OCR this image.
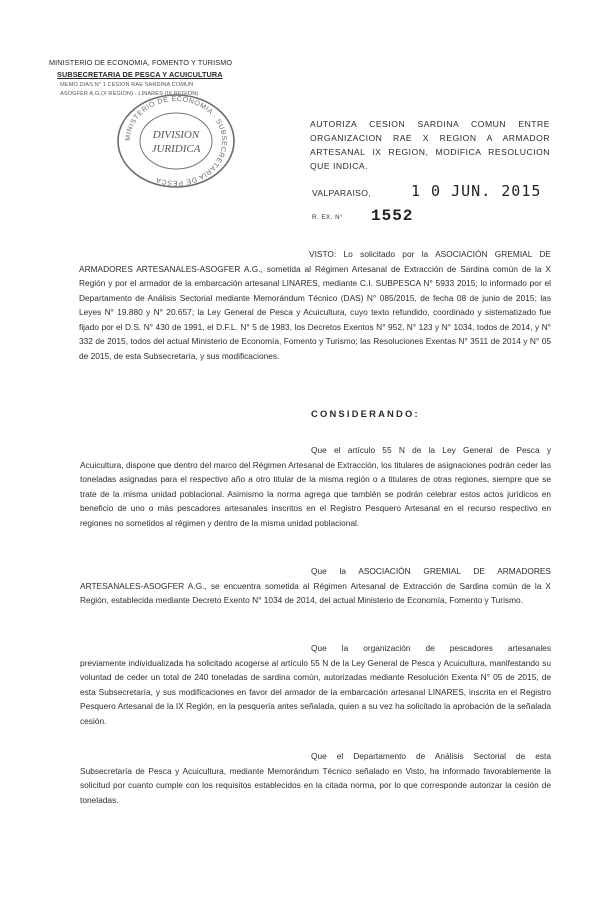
MINISTERIO DE ECONOMIA, FOMENTO Y TURISMO
SUBSECRETARIA DE PESCA Y ACUICULTURA
MEMO.DIAS N° 1 CESION RAE SARDINA COMUN
ASOGFER A.G.(X REGION) - LINARES (IX REGION)
MINISTERIO DE ECONOMIA · SUBSECRETARIA DE PESCA
DIVISION
JURIDICA
AUTORIZA CESION SARDINA COMUN ENTRE ORGANIZACION RAE X REGION A ARMADOR ARTESANAL IX REGION, MODIFICA RESOLUCION QUE INDICA.
VALPARAISO,	1 0 JUN. 2015
R. EX. N° 1552
VISTO: Lo solicitado por la ASOCIACIÓN GREMIAL DE ARMADORES ARTESANALES-ASOGFER A.G., sometida al Régimen Artesanal de Extracción de Sardina común de la X Región y por el armador de la embarcación artesanal LINARES, mediante C.I. SUBPESCA N° 5933 2015; lo informado por el Departamento de Análisis Sectorial mediante Memorándum Técnico (DAS) N° 085/2015, de fecha 08 de junio de 2015; las Leyes N° 19.880 y N° 20.657; la Ley General de Pesca y Acuicultura, cuyo texto refundido, coordinado y sistematizado fue fijado por el D.S. N° 430 de 1991, el D.F.L. N° 5 de 1983, los Decretos Exentos N° 952, N° 123 y N° 1034, todos de 2014, y N° 332 de 2015, todos del actual Ministerio de Economía, Fomento y Turismo; las Resoluciones Exentas N° 3511 de 2014 y N° 05 de 2015, de esta Subsecretaría, y sus modificaciones.
CONSIDERANDO:
Que el artículo 55 N de la Ley General de Pesca y
Acuicultura, dispone que dentro del marco del Régimen Artesanal de Extracción, los titulares de asignaciones podrán ceder las toneladas asignadas para el respectivo año a otro titular de la misma región o a titulares de otras regiones, siempre que se trate de la misma unidad poblacional. Asimismo la norma agrega que también se podrán celebrar estos actos jurídicos en beneficio de uno o más pescadores artesanales inscritos en el Registro Pesquero Artesanal en el recurso respectivo en regiones no sometidos al régimen y dentro de la misma unidad poblacional.
Que la ASOCIACIÓN GREMIAL DE ARMADORES
ARTESANALES-ASOGFER A.G., se encuentra sometida al Régimen Artesanal de Extracción de Sardina común de la X Región, establecida mediante Decreto Exento N° 1034 de 2014, del actual Ministerio de Economía, Fomento y Turismo.
Que la organización de pescadores artesanales
previamente individualizada ha solicitado acogerse al artículo 55 N de la Ley General de Pesca y Acuicultura, manifestando su voluntad de ceder un total de 240 toneladas de sardina común, autorizadas mediante Resolución Exenta N° 05 de 2015, de esta Subsecretaría, y sus modificaciones en favor del armador de la embarcación artesanal LINARES, inscrita en el Registro Pesquero Artesanal de la IX Región, en la pesquería antes señalada, quien a su vez ha solicitado la aprobación de la señalada cesión.
Que el Departamento de Análisis Sectorial de esta
Subsecretaría de Pesca y Acuicultura, mediante Memorándum Técnico señalado en Visto, ha informado favorablemente la solicitud por cuanto cumple con los requisitos establecidos en la citada norma, por lo que corresponde autorizar la cesión de toneladas.
